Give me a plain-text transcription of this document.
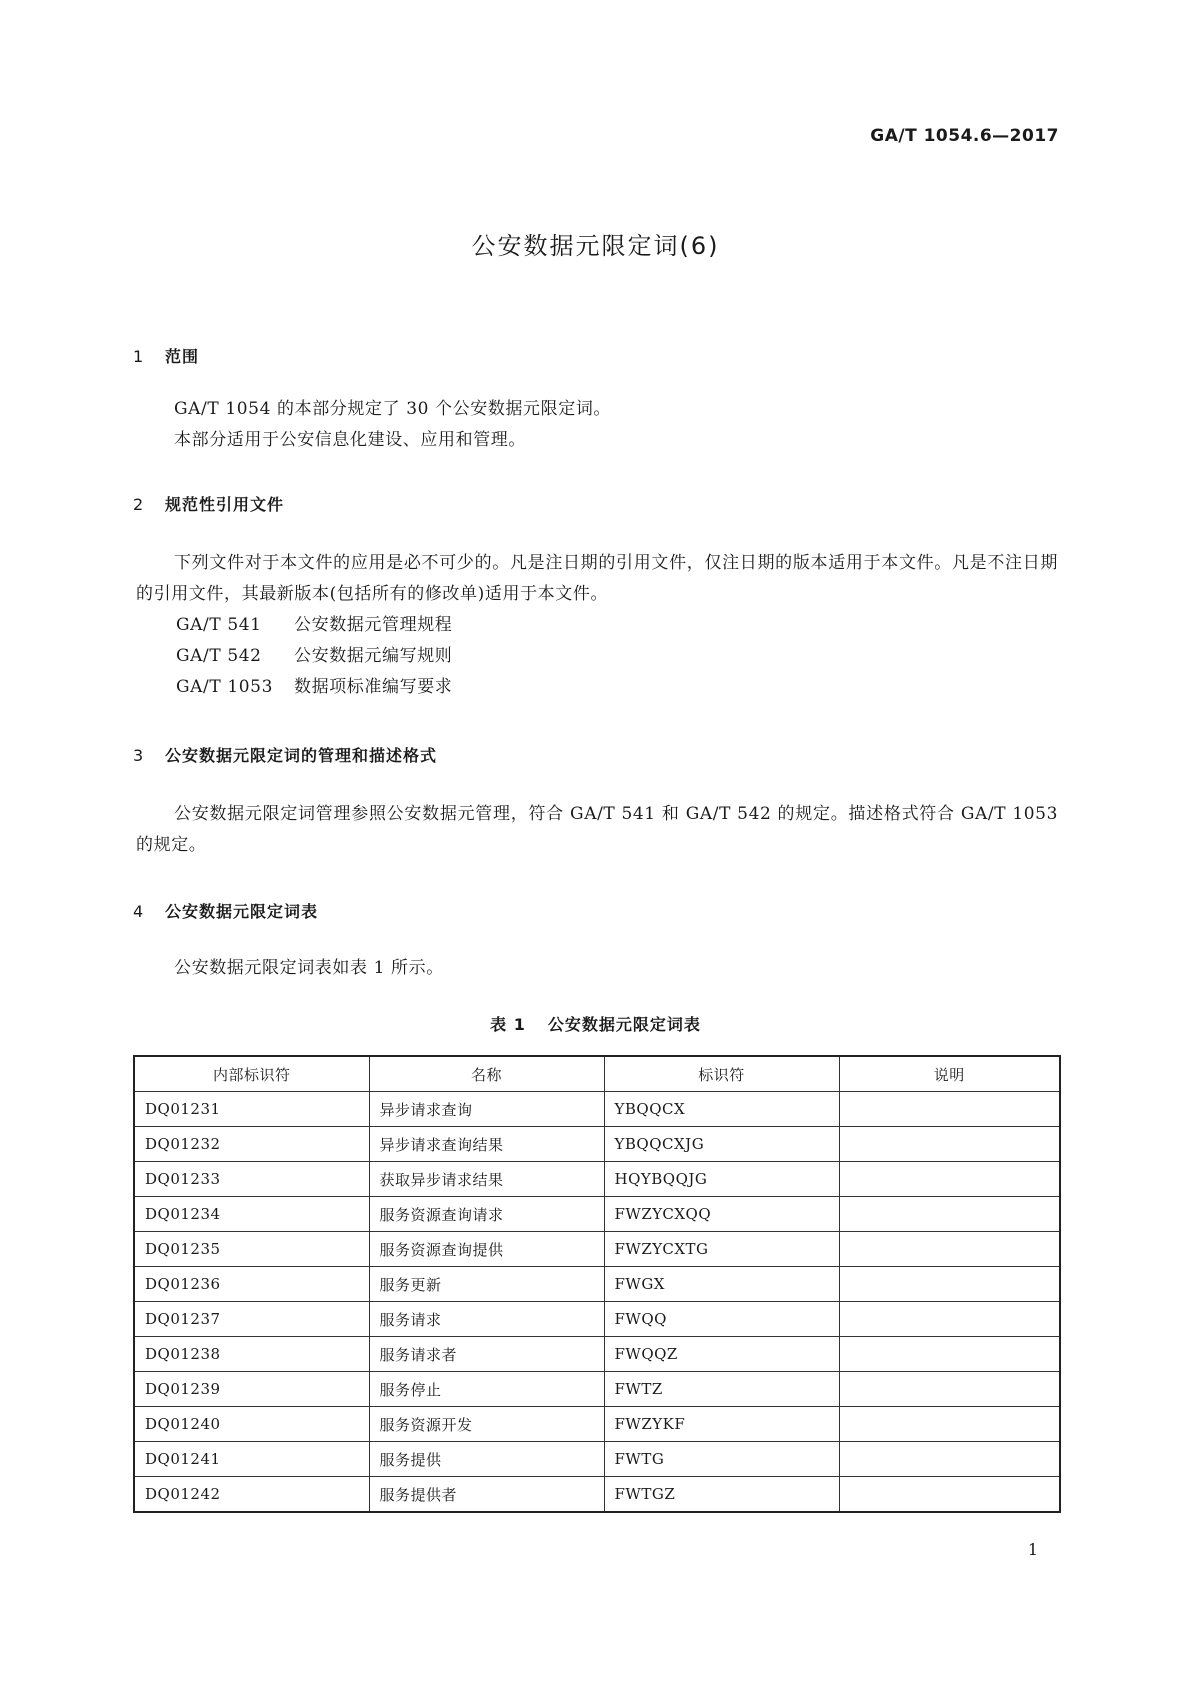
GA/T 1054.6—2017
公安数据元限定词(6)
1 范围

GA/T 1054 的本部分规定了 30 个公安数据元限定词。

本部分适用于公安信息化建设、应用和管理。

2 规范性引用文件

下列文件对于本文件的应用是必不可少的。凡是注日期的引用文件，仅注日期的版本适用于本文件。凡是不注日期的引用文件，其最新版本(包括所有的修改单)适用于本文件。

GA/T 541 公安数据元管理规程
GA/T 542 公安数据元编写规则
GA/T 1053 数据项标准编写要求
3 公安数据元限定词的管理和描述格式

公安数据元限定词管理参照公安数据元管理，符合 GA/T 541 和 GA/T 542 的规定。描述格式符合 GA/T 1053 的规定。

4 公安数据元限定词表

公安数据元限定词表如表 1 所示。

表 1 公安数据元限定词表
内部标识符	名称	标识符	说明
DQ01231	异步请求查询	YBQQCX	
DQ01232	异步请求查询结果	YBQQCXJG	
DQ01233	获取异步请求结果	HQYBQQJG	
DQ01234	服务资源查询请求	FWZYCXQQ	
DQ01235	服务资源查询提供	FWZYCXTG	
DQ01236	服务更新	FWGX	
DQ01237	服务请求	FWQQ	
DQ01238	服务请求者	FWQQZ	
DQ01239	服务停止	FWTZ	
DQ01240	服务资源开发	FWZYKF	
DQ01241	服务提供	FWTG	
DQ01242	服务提供者	FWTGZ	
1
